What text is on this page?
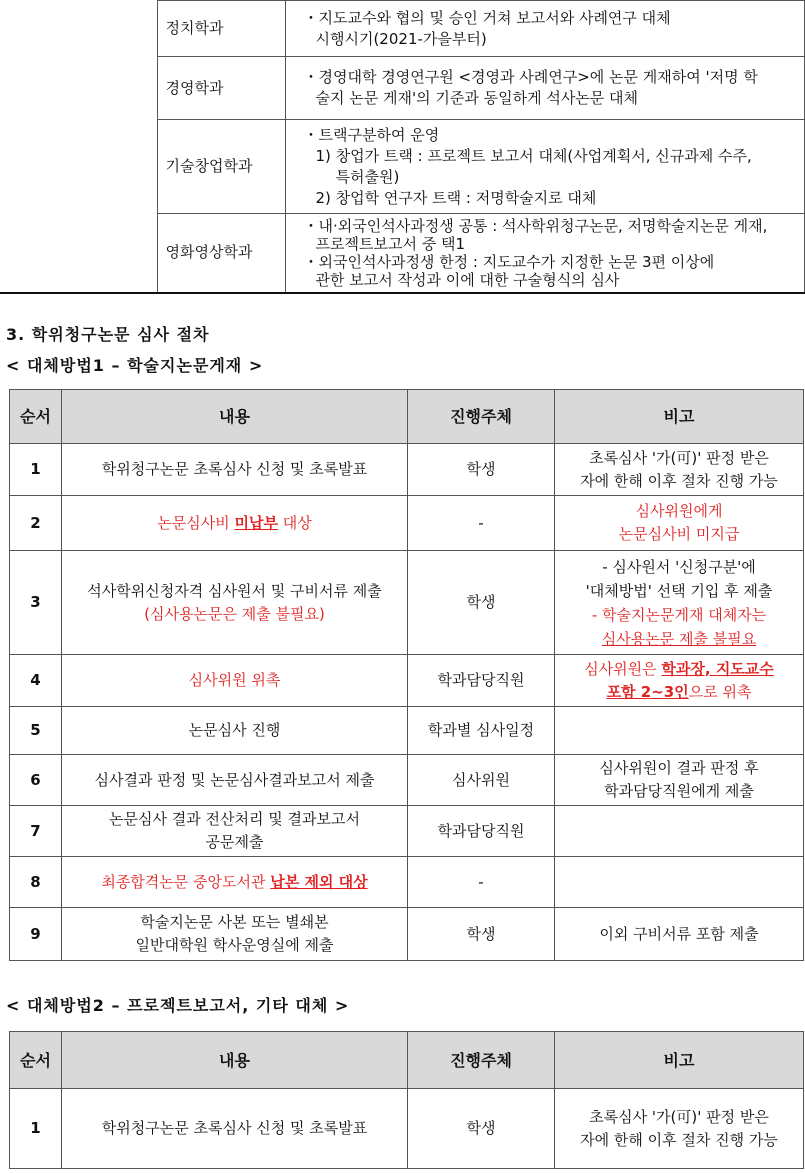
	정치학과	・지도교수와 협의 및 승인 거쳐 보고서와 사례연구 대체
시행시기(2021-가을부터)

	경영학과	・경영대학 경영연구원 <경영과 사례연구>에 논문 게재하여 '저명 학
술지 논문 게재'의 기준과 동일하게 석사논문 대체

	기술창업학과	・트랙구분하여 운영
1) 창업가 트랙 : 프로젝트 보고서 대체(사업계획서, 신규과제 수주,
특허출원)
2) 창업학 연구자 트랙 : 저명학술지로 대체

	영화영상학과	・내·외국인석사과정생 공통 : 석사학위청구논문, 저명학술지논문 게재,
프로젝트보고서 중 택1
・외국인석사과정생 한정 : 지도교수가 지정한 논문 3편 이상에
관한 보고서 작성과 이에 대한 구술형식의 심사
3. 학위청구논문 심사 절차
< 대체방법1 – 학술지논문게재 >
순서	내용	진행주체	비고
1	학위청구논문 초록심사 신청 및 초록발표	학생	초록심사 '가(可)' 판정 받은
자에 한해 이후 절차 진행 가능

2	논문심사비 미납부 대상	-	심사위원에게
논문심사비 미지급

3	석사학위신청자격 심사원서 및 구비서류 제출
(심사용논문은 제출 불필요)	학생	- 심사원서 '신청구분'에
'대체방법' 선택 기입 후 제출
- 학술지논문게재 대체자는
심사용논문 제출 불필요

4	심사위원 위촉	학과담당직원	심사위원은 학과장, 지도교수
포함 2~3인으로 위촉

5	논문심사 진행	학과별 심사일정	
6	심사결과 판정 및 논문심사결과보고서 제출	심사위원	심사위원이 결과 판정 후
학과담당직원에게 제출

7	논문심사 결과 전산처리 및 결과보고서
공문제출	학과담당직원	
8	최종합격논문 중앙도서관 납본 제외 대상	-	
9	학술지논문 사본 또는 별쇄본
일반대학원 학사운영실에 제출	학생	이외 구비서류 포함 제출
< 대체방법2 – 프로젝트보고서, 기타 대체 >
순서	내용	진행주체	비고
1	학위청구논문 초록심사 신청 및 초록발표	학생	초록심사 '가(可)' 판정 받은
자에 한해 이후 절차 진행 가능
